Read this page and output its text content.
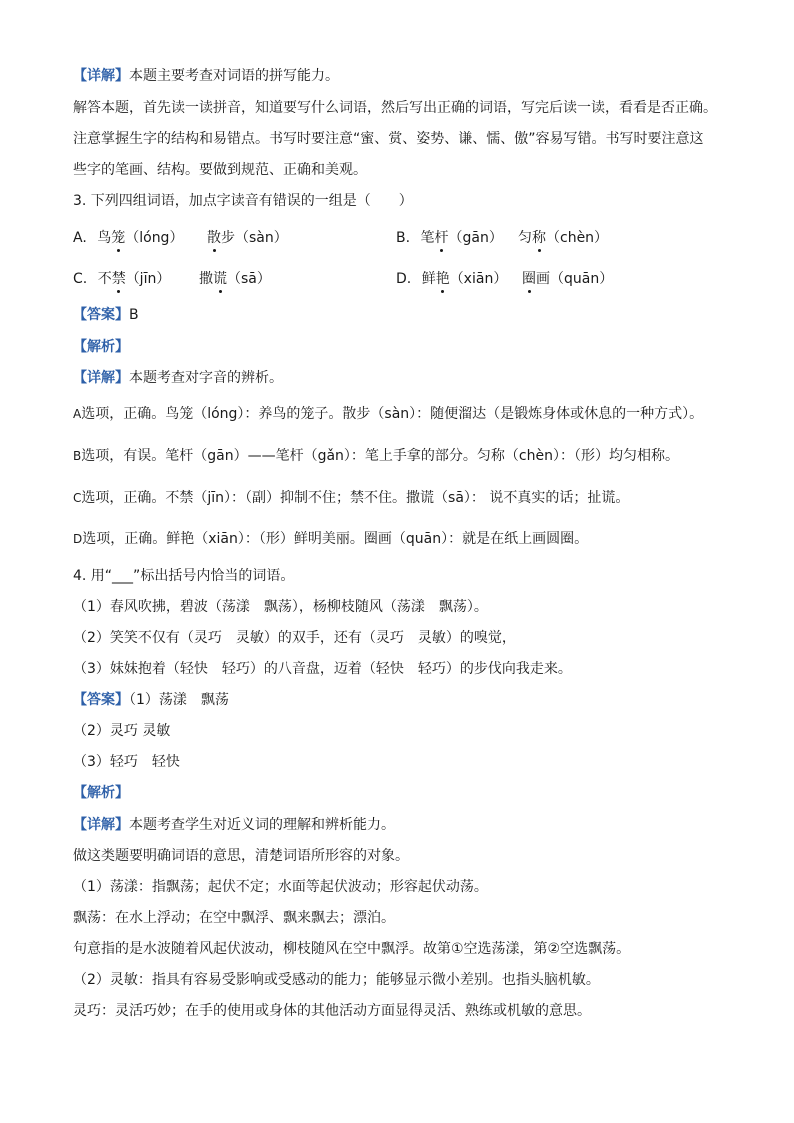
【详解】本题主要考查对词语的拼写能力。
解答本题，首先读一读拼音，知道要写什么词语，然后写出正确的词语，写完后读一读，看看是否正确。
注意掌握生字的结构和易错点。书写时要注意“蜜、赏、姿势、谦、懦、傲”容易写错。书写时要注意这
些字的笔画、结构。要做到规范、正确和美观。
3. 下列四组词语，加点字读音有错误的一组是（　　）
A. 鸟笼（lóng） 散步（sàn）	B. 笔杆（gān） 匀称（chèn）
C. 不禁（jīn） 撒谎（sā）	D. 鲜艳（xiān） 圈画（quān）
【答案】B
【解析】
【详解】本题考查对字音的辨析。
A选项，正确。鸟笼（lóng）：养鸟的笼子。散步（sàn）：随便溜达（是锻炼身体或休息的一种方式）。
B选项，有误。笔杆（gān）——笔杆（gǎn）：笔上手拿的部分。匀称（chèn）：（形）均匀相称。
C选项，正确。不禁（jīn）：（副）抑制不住；禁不住。撒谎（sā）： 说不真实的话；扯谎。
D选项，正确。鲜艳（xiān）：（形）鲜明美丽。圈画（quān）：就是在纸上画圆圈。
4. 用“___”标出括号内恰当的词语。
（1）春风吹拂，碧波（荡漾　飘荡），杨柳枝随风（荡漾　飘荡）。
（2）笑笑不仅有（灵巧　灵敏）的双手，还有（灵巧　灵敏）的嗅觉，
（3）妹妹抱着（轻快　轻巧）的八音盘，迈着（轻快　轻巧）的步伐向我走来。
【答案】（1）荡漾　飘荡
（2）灵巧 灵敏
（3）轻巧　轻快
【解析】
【详解】本题考查学生对近义词的理解和辨析能力。
做这类题要明确词语的意思，清楚词语所形容的对象。
（1）荡漾：指飘荡；起伏不定；水面等起伏波动；形容起伏动荡。
飘荡：在水上浮动；在空中飘浮、飘来飘去；漂泊。
句意指的是水波随着风起伏波动，柳枝随风在空中飘浮。故第①空选荡漾，第②空选飘荡。
（2）灵敏：指具有容易受影响或受感动的能力；能够显示微小差别。也指头脑机敏。
灵巧：灵活巧妙；在手的使用或身体的其他活动方面显得灵活、熟练或机敏的意思。
